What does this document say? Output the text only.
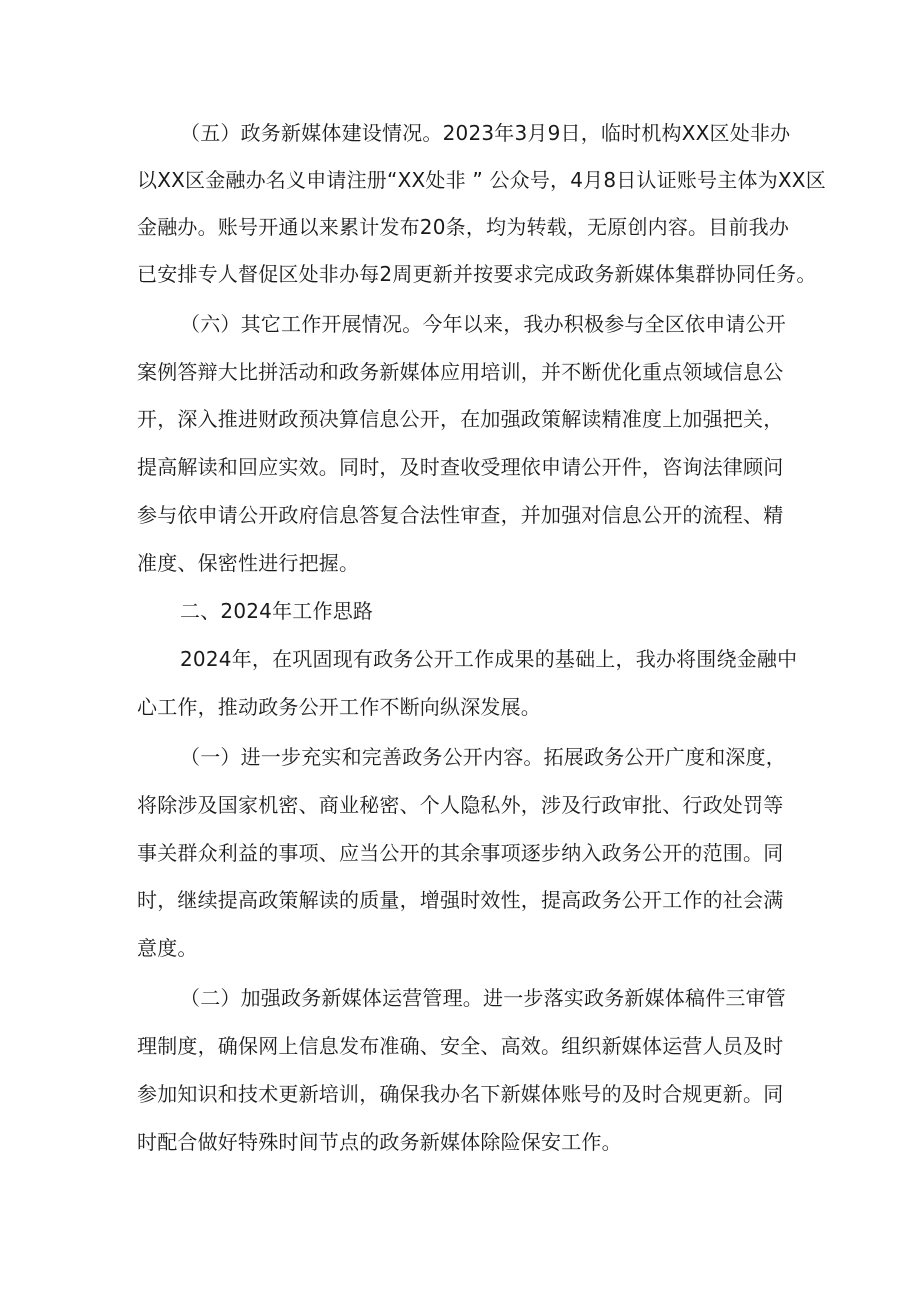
（五）政务新媒体建设情况。2023年3月9日，临时机构XX区处非办
以XX区金融办名义申请注册“XX处非 ” 公众号，4月8日认证账号主体为XX区
金融办。账号开通以来累计发布20条，均为转载，无原创内容。目前我办
已安排专人督促区处非办每2周更新并按要求完成政务新媒体集群协同任务。
（六）其它工作开展情况。今年以来，我办积极参与全区依申请公开
案例答辩大比拼活动和政务新媒体应用培训，并不断优化重点领域信息公
开，深入推进财政预决算信息公开，在加强政策解读精准度上加强把关，
提高解读和回应实效。同时，及时查收受理依申请公开件，咨询法律顾问
参与依申请公开政府信息答复合法性审查，并加强对信息公开的流程、精
准度、保密性进行把握。
二、2024年工作思路
2024年，在巩固现有政务公开工作成果的基础上，我办将围绕金融中
心工作，推动政务公开工作不断向纵深发展。
（一）进一步充实和完善政务公开内容。拓展政务公开广度和深度，
将除涉及国家机密、商业秘密、个人隐私外，涉及行政审批、行政处罚等
事关群众利益的事项、应当公开的其余事项逐步纳入政务公开的范围。同
时，继续提高政策解读的质量，增强时效性，提高政务公开工作的社会满
意度。
（二）加强政务新媒体运营管理。进一步落实政务新媒体稿件三审管
理制度，确保网上信息发布准确、安全、高效。组织新媒体运营人员及时
参加知识和技术更新培训，确保我办名下新媒体账号的及时合规更新。同
时配合做好特殊时间节点的政务新媒体除险保安工作。
